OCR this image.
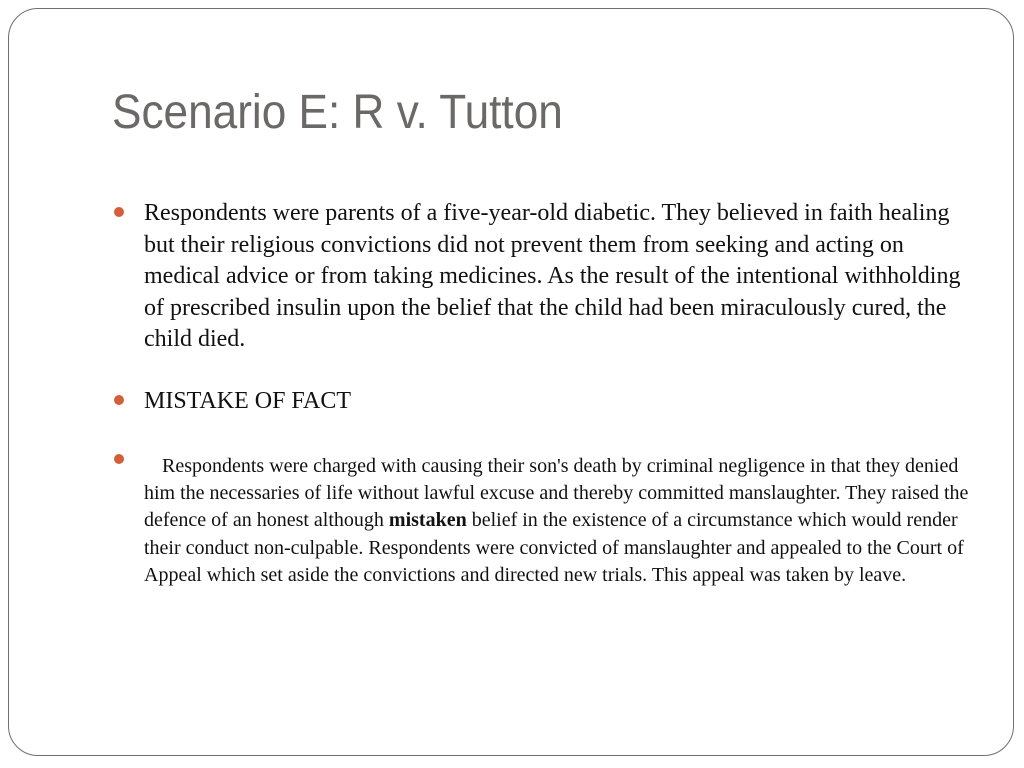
Scenario E: R v. Tutton
Respondents were parents of a five-year-old diabetic. They believed in faith healing but their religious convictions did not prevent them from seeking and acting on medical advice or from taking medicines. As the result of the intentional withholding of prescribed insulin upon the belief that the child had been miraculously cured, the child died.
MISTAKE OF FACT
Respondents were charged with causing their son's death by criminal negligence in that they denied him the necessaries of life without lawful excuse and thereby committed manslaughter. They raised the defence of an honest although mistaken belief in the existence of a circumstance which would render their conduct non-culpable. Respondents were convicted of manslaughter and appealed to the Court of Appeal which set aside the convictions and directed new trials. This appeal was taken by leave.
